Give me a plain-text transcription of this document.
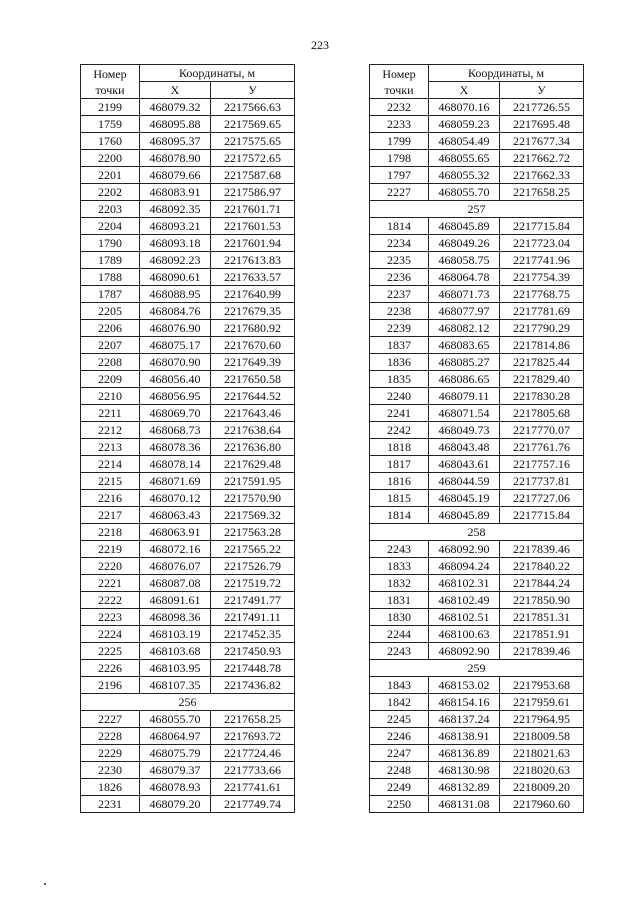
223
Номер
точки	Координаты, м	
	X	У
2199	468079.32	2217566.63
1759	468095.88	2217569.65
1760	468095.37	2217575.65
2200	468078.90	2217572.65
2201	468079.66	2217587.68
2202	468083.91	2217586.97
2203	468092.35	2217601.71
2204	468093.21	2217601.53
1790	468093.18	2217601.94
1789	468092.23	2217613.83
1788	468090.61	2217633.57
1787	468088.95	2217640.99
2205	468084.76	2217679.35
2206	468076.90	2217680.92
2207	468075.17	2217670.60
2208	468070.90	2217649.39
2209	468056.40	2217650.58
2210	468056.95	2217644.52
2211	468069.70	2217643.46
2212	468068.73	2217638.64
2213	468078.36	2217636.80
2214	468078.14	2217629.48
2215	468071.69	2217591.95
2216	468070.12	2217570.90
2217	468063.43	2217569.32
2218	468063.91	2217563.28
2219	468072.16	2217565.22
2220	468076.07	2217526.79
2221	468087.08	2217519.72
2222	468091.61	2217491.77
2223	468098.36	2217491.11
2224	468103.19	2217452.35
2225	468103.68	2217450.93
2226	468103.95	2217448.78
2196	468107.35	2217436.82
256		
2227	468055.70	2217658.25
2228	468064.97	2217693.72
2229	468075.79	2217724.46
2230	468079.37	2217733.66
1826	468078.93	2217741.61
2231	468079.20	2217749.74
Номер
точки	Координаты, м	
	X	У
2232	468070.16	2217726.55
2233	468059.23	2217695.48
1799	468054.49	2217677.34
1798	468055.65	2217662.72
1797	468055.32	2217662.33
2227	468055.70	2217658.25
257		
1814	468045.89	2217715.84
2234	468049.26	2217723.04
2235	468058.75	2217741.96
2236	468064.78	2217754.39
2237	468071.73	2217768.75
2238	468077.97	2217781.69
2239	468082.12	2217790.29
1837	468083.65	2217814.86
1836	468085.27	2217825.44
1835	468086.65	2217829.40
2240	468079.11	2217830.28
2241	468071.54	2217805.68
2242	468049.73	2217770.07
1818	468043.48	2217761.76
1817	468043.61	2217757.16
1816	468044.59	2217737.81
1815	468045.19	2217727.06
1814	468045.89	2217715.84
258		
2243	468092.90	2217839.46
1833	468094.24	2217840.22
1832	468102.31	2217844.24
1831	468102.49	2217850.90
1830	468102.51	2217851.31
2244	468100.63	2217851.91
2243	468092.90	2217839.46
259		
1843	468153.02	2217953.68
1842	468154.16	2217959.61
2245	468137.24	2217964.95
2246	468138.91	2218009.58
2247	468136.89	2218021.63
2248	468130.98	2218020.63
2249	468132.89	2218009.20
2250	468131.08	2217960.60
